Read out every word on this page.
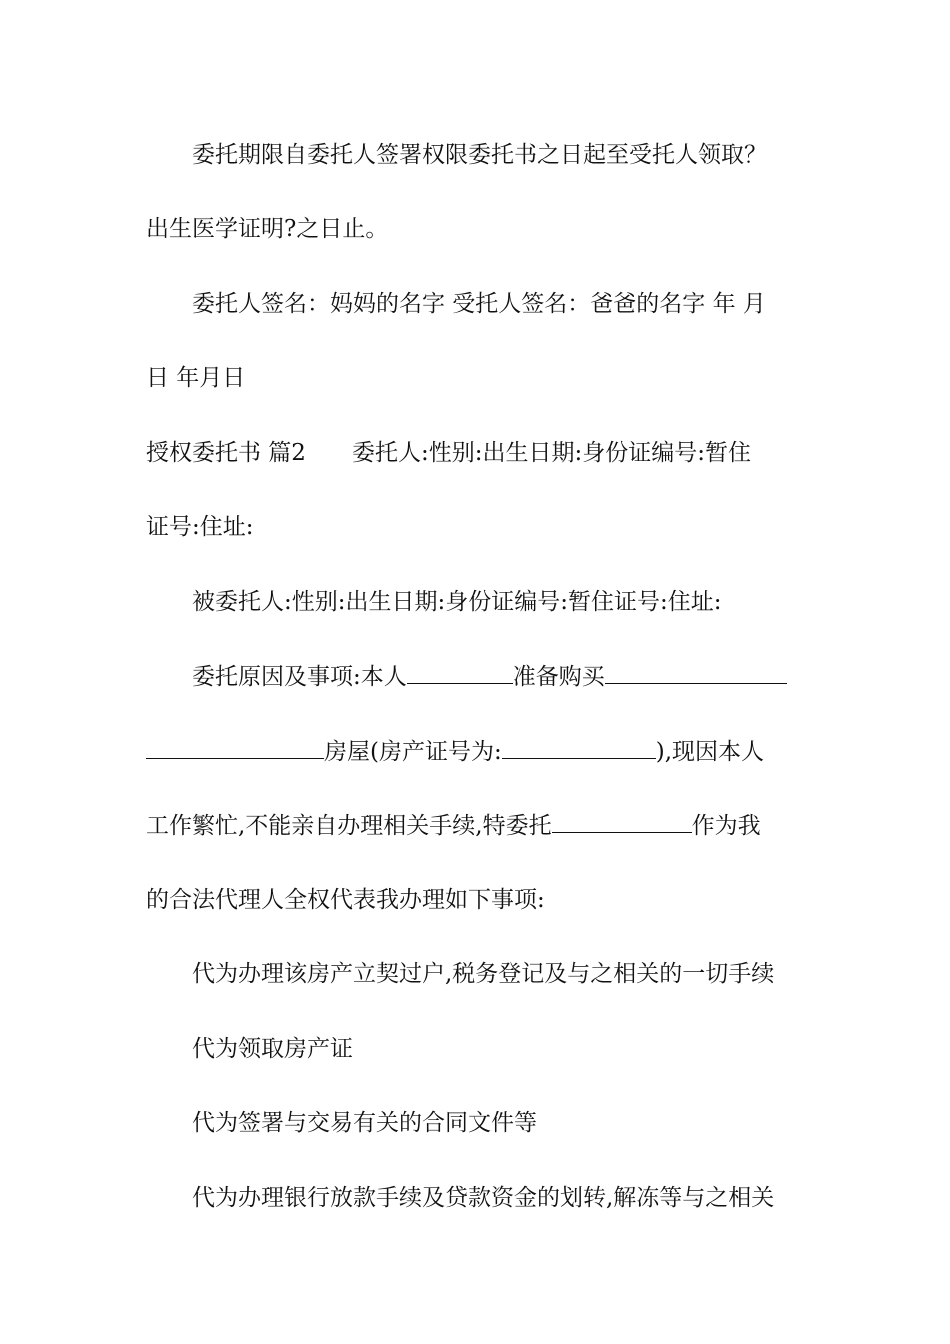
委托期限自委托人签署权限委托书之日起至受托人领取？
出生医学证明?之日止。
委托人签名：妈妈的名字 受托人签名：爸爸的名字 年 月
日 年月日
授权委托书 篇2 委托人:性别:出生日期:身份证编号:暂住
证号:住址:
被委托人:性别:出生日期:身份证编号:暂住证号:住址:
委托原因及事项:本人	准备购买
房屋(房产证号为:	),现因本人
工作繁忙,不能亲自办理相关手续,特委托	作为我
的合法代理人全权代表我办理如下事项:
代为办理该房产立契过户,税务登记及与之相关的一切手续
代为领取房产证
代为签署与交易有关的合同文件等
代为办理银行放款手续及贷款资金的划转,解冻等与之相关
